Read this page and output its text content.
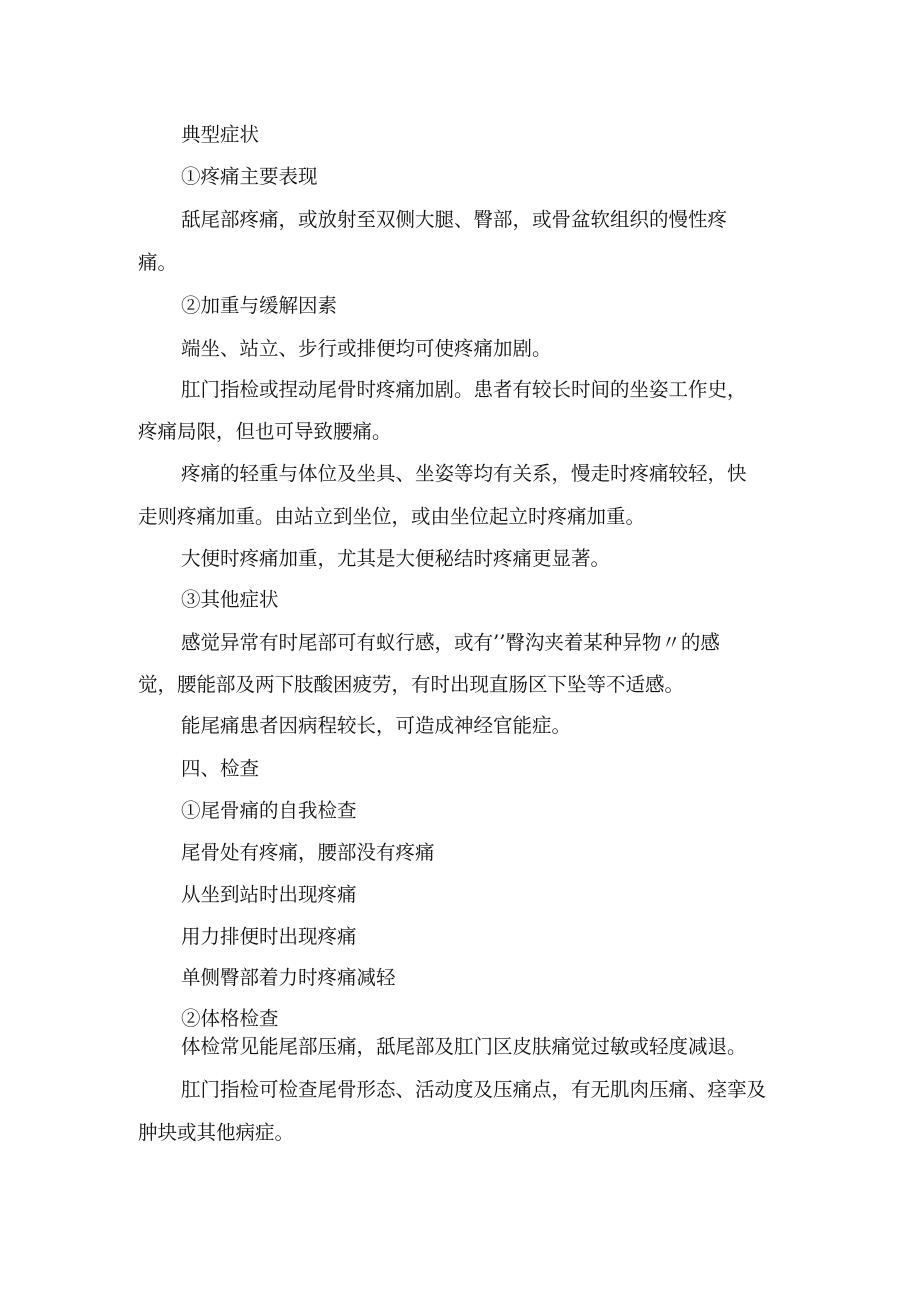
典型症状
①疼痛主要表现
舐尾部疼痛，或放射至双侧大腿、臀部，或骨盆软组织的慢性疼
痛。
②加重与缓解因素
端坐、站立、步行或排便均可使疼痛加剧。
肛门指检或捏动尾骨时疼痛加剧。患者有较长时间的坐姿工作史，
疼痛局限，但也可导致腰痛。
疼痛的轻重与体位及坐具、坐姿等均有关系，慢走时疼痛较轻，快
走则疼痛加重。由站立到坐位，或由坐位起立时疼痛加重。
大便时疼痛加重，尤其是大便秘结时疼痛更显著。
③其他症状
感觉异常有时尾部可有蚁行感，或有’’臀沟夹着某种异物〃的感
觉，腰能部及两下肢酸困疲劳，有时出现直肠区下坠等不适感。
能尾痛患者因病程较长，可造成神经官能症。
四、检查
①尾骨痛的自我检查
尾骨处有疼痛，腰部没有疼痛
从坐到站时出现疼痛
用力排便时出现疼痛
单侧臀部着力时疼痛减轻
②体格检查
体检常见能尾部压痛，舐尾部及肛门区皮肤痛觉过敏或轻度减退。
肛门指检可检查尾骨形态、活动度及压痛点，有无肌肉压痛、痉挛及
肿块或其他病症。
